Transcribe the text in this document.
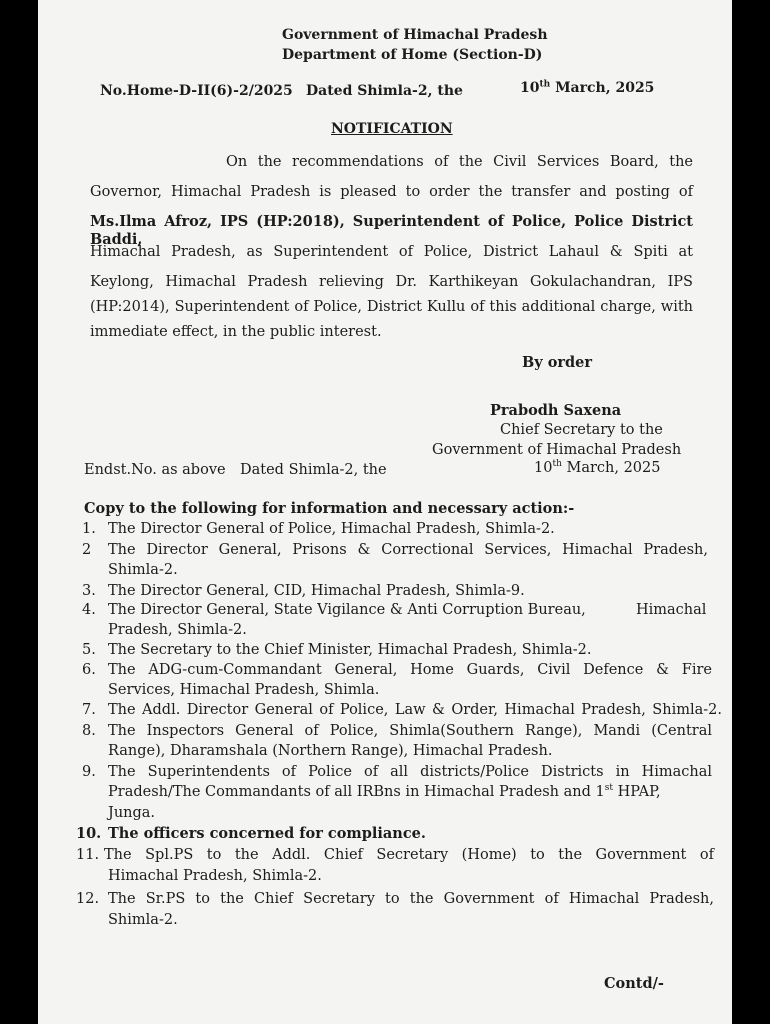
Government of Himachal Pradesh
Department of Home (Section-D)
No.Home-D-II(6)-2/2025 Dated Shimla-2, the	10th March, 2025
NOTIFICATION
On the recommendations of the Civil Services Board, the
Governor, Himachal Pradesh is pleased to order the transfer and posting of
Ms.Ilma Afroz, IPS (HP:2018), Superintendent of Police, Police District Baddi,
Himachal Pradesh, as Superintendent of Police, District Lahaul & Spiti at
Keylong, Himachal Pradesh relieving Dr. Karthikeyan Gokulachandran, IPS
(HP:2014), Superintendent of Police, District Kullu of this additional charge, with
immediate effect, in the public interest.
By order
Prabodh Saxena
Chief Secretary to the
Government of Himachal Pradesh
Endst.No. as above Dated Shimla-2, the	10th March, 2025
Copy to the following for information and necessary action:-
1. The Director General of Police, Himachal Pradesh, Shimla-2.
2 The Director General, Prisons & Correctional Services, Himachal Pradesh,
Shimla-2.
3. The Director General, CID, Himachal Pradesh, Shimla-9.
4. The Director General, State Vigilance & Anti Corruption Bureau,	Himachal
Pradesh, Shimla-2.
5. The Secretary to the Chief Minister, Himachal Pradesh, Shimla-2.
6. The ADG-cum-Commandant General, Home Guards, Civil Defence & Fire
Services, Himachal Pradesh, Shimla.
7. The Addl. Director General of Police, Law & Order, Himachal Pradesh, Shimla-2.
8. The Inspectors General of Police, Shimla(Southern Range), Mandi (Central
Range), Dharamshala (Northern Range), Himachal Pradesh.
9. The Superintendents of Police of all districts/Police Districts in Himachal
Pradesh/The Commandants of all IRBns in Himachal Pradesh and 1st HPAP,
Junga.
10. The officers concerned for compliance.
11. The Spl.PS to the Addl. Chief Secretary (Home) to the Government of
Himachal Pradesh, Shimla-2.
12. The Sr.PS to the Chief Secretary to the Government of Himachal Pradesh,
Shimla-2.
Contd/-
